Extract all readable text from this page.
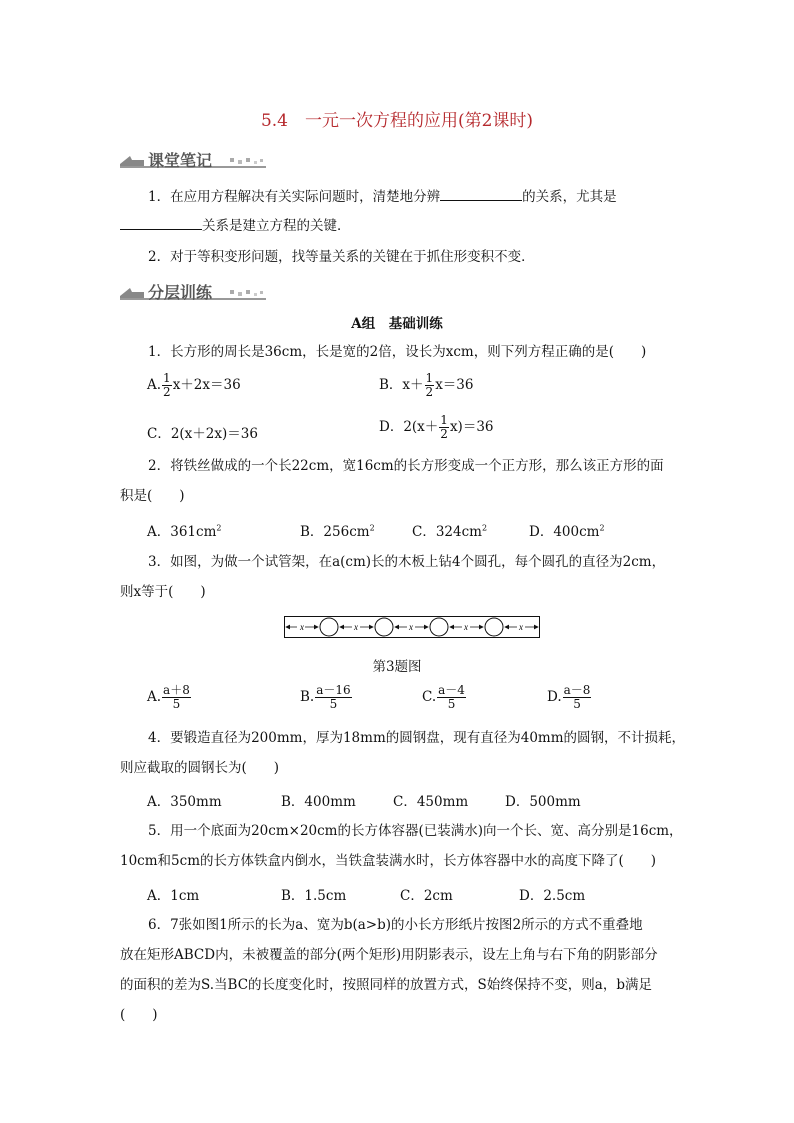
5.4　一元一次方程的应用(第2课时)
课堂笔记
1．在应用方程解决有关实际问题时，清楚地分辨	的关系，尤其是
关系是建立方程的关键．
2．对于等积变形问题，找等量关系的关键在于抓住形变积不变．
分层训练
A组　基础训练
1．长方形的周长是36cm，长是宽的2倍，设长为xcm，则下列方程正确的是(　　)
A. $\frac{1}{2} x+2x=36$	B．$x+ \frac{1}{2} x=36$
C．2(x＋2x)＝36	D．$2(x+ \frac{1}{2} x)=36$
2．将铁丝做成的一个长22cm，宽16cm的长方形变成一个正方形，那么该正方形的面
积是(　　)
A．$361cm^2$	B．$256cm^2$	C．$324cm^2$	D．$400cm^2$
3．如图，为做一个试管架，在a(cm)长的木板上钻4个圆孔，每个圆孔的直径为2cm，
则x等于(　　)
x	x	x	x	x
第3题图
A. $\frac{a+8}{5}$	B. $\frac{a-16}{5}$	C. $\frac{a-4}{5}$	D. $\frac{a-8}{5}$
4．要锻造直径为200mm，厚为18mm的圆钢盘，现有直径为40mm的圆钢，不计损耗，
则应截取的圆钢长为(　　)
A．350mm	B．400mm	C．450mm	D．500mm
5．用一个底面为20cm×20cm的长方体容器(已装满水)向一个长、宽、高分别是16cm，
10cm和5cm的长方体铁盒内倒水，当铁盒装满水时，长方体容器中水的高度下降了(　　)
A．1cm	B．1.5cm	C．2cm	D．2.5cm
6．7张如图1所示的长为a、宽为b(a>b)的小长方形纸片按图2所示的方式不重叠地
放在矩形ABCD内，未被覆盖的部分(两个矩形)用阴影表示，设左上角与右下角的阴影部分
的面积的差为S.当BC的长度变化时，按照同样的放置方式，S始终保持不变，则a，b满足
(　　)
